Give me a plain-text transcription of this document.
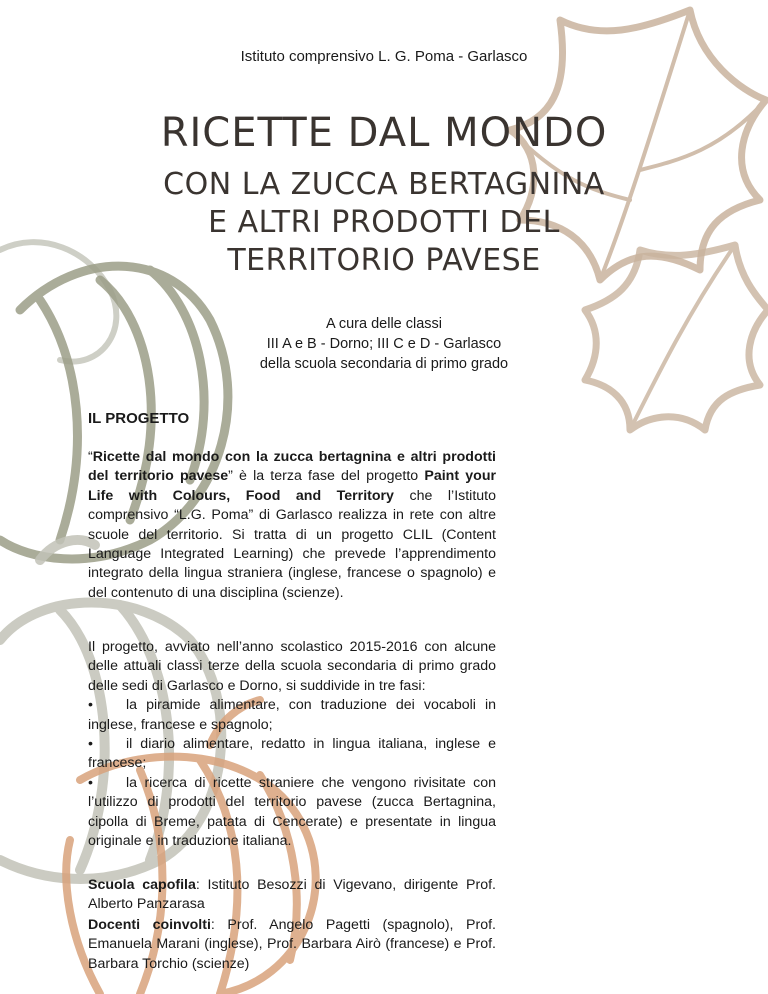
Istituto comprensivo L. G. Poma - Garlasco
RICETTE DAL MONDO
CON LA ZUCCA BERTAGNINA
E ALTRI PRODOTTI DEL
TERRITORIO PAVESE
A cura delle classi
III A e B - Dorno; III C e D - Garlasco
della scuola secondaria di primo grado
IL PROGETTO
“Ricette dal mondo con la zucca bertagnina e altri prodotti del territorio pavese” è la terza fase del progetto Paint your Life with Colours, Food and Territory che l’Istituto comprensivo “L.G. Poma” di Garlasco realizza in rete con altre scuole del territorio. Si tratta di un progetto CLIL (Content Language Integrated Learning) che prevede l’apprendimento integrato della lingua straniera (inglese, francese o spagnolo) e del contenuto di una disciplina (scienze).
Il progetto, avviato nell’anno scolastico 2015-2016 con alcune delle attuali classi terze della scuola secondaria di primo grado delle sedi di Garlasco e Dorno, si suddivide in tre fasi:
• la piramide alimentare, con traduzione dei vocaboli in inglese, francese e spagnolo;
• il diario alimentare, redatto in lingua italiana, inglese e francese;
• la ricerca di ricette straniere che vengono rivisitate con l’utilizzo di prodotti del territorio pavese (zucca Bertagnina, cipolla di Breme, patata di Cencerate) e presentate in lingua originale e in traduzione italiana.
Scuola capofila: Istituto Besozzi di Vigevano, dirigente Prof. Alberto Panzarasa
Docenti coinvolti: Prof. Angelo Pagetti (spagnolo), Prof. Emanuela Marani (inglese), Prof. Barbara Airò (francese) e Prof. Barbara Torchio (scienze)
